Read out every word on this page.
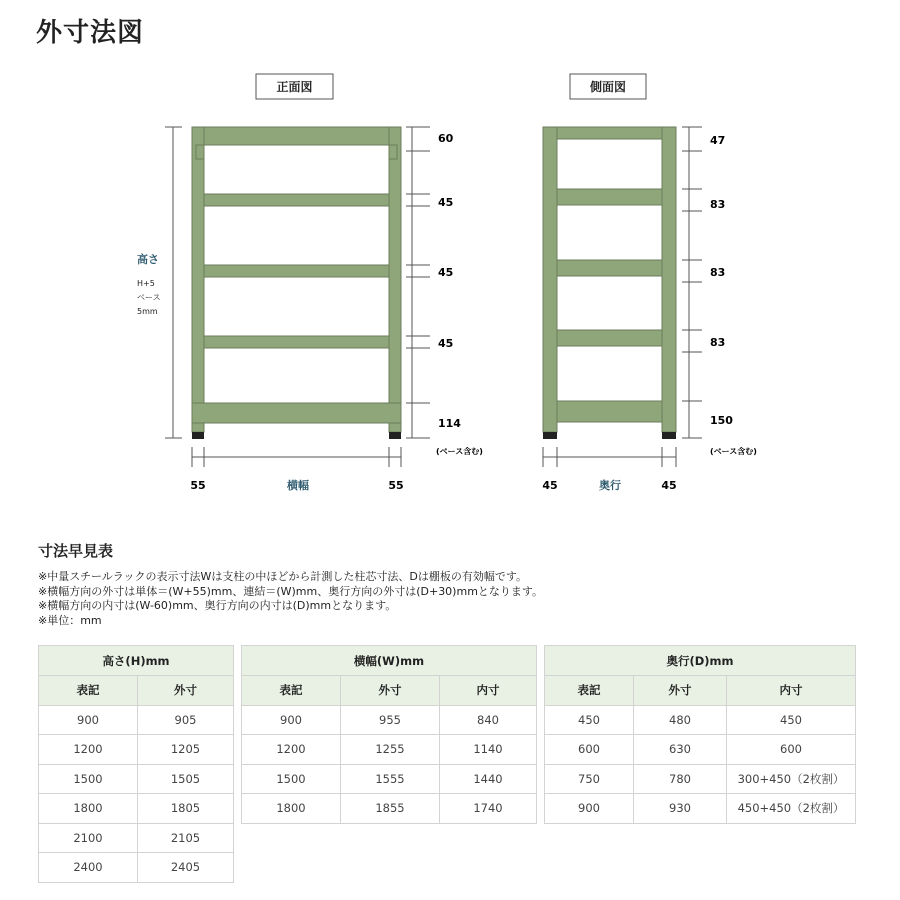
外寸法図
正面図
高さ
H+5
ベース
5mm
60
45
45
45
114
(ベース含む)
55	横幅	55
側面図
47
83
83
83
150
(ベース含む)
45	奥行	45
寸法早見表
※中量スチールラックの表示寸法Wは支柱の中ほどから計測した柱芯寸法、Dは棚板の有効幅です。
※横幅方向の外寸は単体＝(W+55)mm、連結＝(W)mm、奥行方向の外寸は(D+30)mmとなります。
※横幅方向の内寸は(W-60)mm、奥行方向の内寸は(D)mmとなります。
※単位：mm
高さ(H)mm	
表記	外寸
900	905
1200	1205
1500	1505
1800	1805
2100	2105
2400	2405
横幅(W)mm		
表記	外寸	内寸
900	955	840
1200	1255	1140
1500	1555	1440
1800	1855	1740
奥行(D)mm		
表記	外寸	内寸
450	480	450
600	630	600
750	780	300+450（2枚割）
900	930	450+450（2枚割）
